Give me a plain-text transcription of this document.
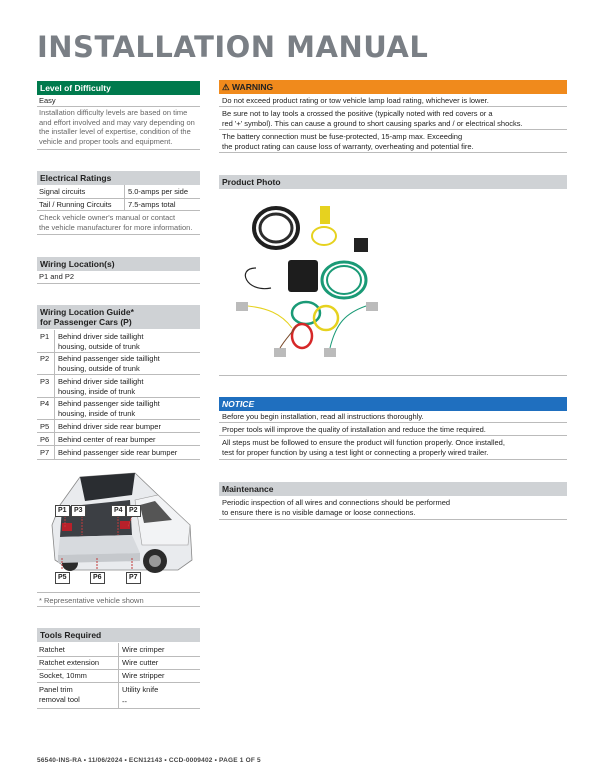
INSTALLATION MANUAL
Level of Difficulty
Easy
Installation difficulty levels are based on time
and effort involved and may vary depending on
the installer level of expertise, condition of the
vehicle and proper tools and equipment.
Electrical Ratings
Signal circuits	5.0-amps per side
Tail / Running Circuits 7.5-amps total
Check vehicle owner's manual or contact
the vehicle manufacturer for more information.
Wiring Location(s)
P1 and P2
Wiring Location Guide*
for Passenger Cars (P)
P1 Behind driver side taillight
housing, outside of trunk
P2 Behind passenger side taillight
housing, outside of trunk
P3 Behind driver side taillight
housing, inside of trunk
P4 Behind passenger side taillight
housing, inside of trunk
P5 Behind driver side rear bumper
P6 Behind center of rear bumper
P7 Behind passenger side rear bumper
P1	P3	P4 P2
P5	P6	P7
* Representative vehicle shown
Tools Required
Ratchet	Wire crimper
Ratchet extension	Wire cutter
Socket, 10mm	Wire stripper
Panel trim	Utility knife
removal tool	--
⚠ WARNING
Do not exceed product rating or tow vehicle lamp load rating, whichever is lower.
Be sure not to lay tools a crossed the positive (typically noted with red covers or a
red '+' symbol). This can cause a ground to short causing sparks and / or electrical shocks.
The battery connection must be fuse-protected, 15-amp max. Exceeding
the product rating can cause loss of warranty, overheating and potential fire.
Product Photo
NOTICE
Before you begin installation, read all instructions thoroughly.
Proper tools will improve the quality of installation and reduce the time required.
All steps must be followed to ensure the product will function properly. Once installed,
test for proper function by using a test light or connecting a properly wired trailer.
Maintenance
Periodic inspection of all wires and connections should be performed
to ensure there is no visible damage or loose connections.
56540-INS-RA • 11/06/2024 • ECN12143 • CCD-0009402 • PAGE 1 OF 5
